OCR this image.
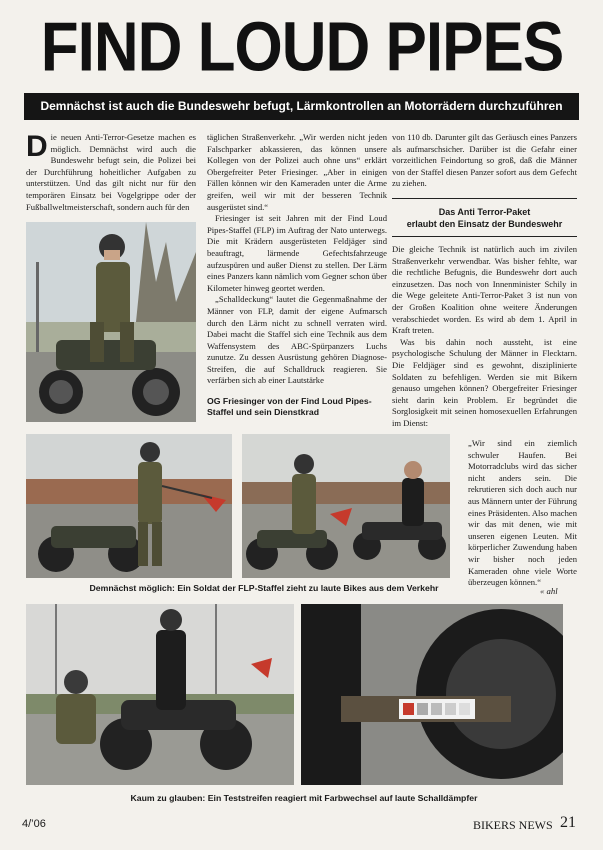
FIND LOUD PIPES
Demnächst ist auch die Bundeswehr befugt, Lärmkontrollen an Motorrädern durchzuführen

Die neuen Anti-Terror-Gesetze machen es möglich. Demnächst wird auch die Bundeswehr befugt sein, die Polizei bei der Durchführung hoheitlicher Aufgaben zu unterstützen. Und das gilt nicht nur für den temporären Einsatz bei Vogelgrippe oder der Fußballweltmeisterschaft, sondern auch für den

OG Friesinger von der Find Loud Pipes-Staffel und sein Dienstkrad

täglichen Straßenverkehr. „Wir werden nicht jeden Falschparker abkassieren, das können unsere Kollegen von der Polizei auch ohne uns“ erklärt Obergefreiter Peter Friesinger. „Aber in einigen Fällen können wir den Kameraden unter die Arme greifen, weil wir mit der besseren Technik ausgerüstet sind.“

Friesinger ist seit Jahren mit der Find Loud Pipes-Staffel (FLP) im Auftrag der Nato unterwegs. Die mit Krädern ausgerüsteten Feldjäger sind beauftragt, lärmende Gefechtsfahrzeuge aufzuspüren und außer Dienst zu stellen. Der Lärm eines Panzers kann nämlich vom Gegner schon über Kilometer hinweg geortet werden.

„Schalldeckung“ lautet die Gegenmaßnahme der Männer von FLP, damit der eigene Aufmarsch durch den Lärm nicht zu schnell verraten wird. Dabei macht die Staffel sich eine Technik aus dem Waffensystem des ABC-Spürpanzers Luchs zunutze. Zu dessen Ausrüstung gehören Diagnose-Streifen, die auf Schalldruck reagieren. Sie verfärben sich ab einer Lautstärke

von 110 db. Darunter gilt das Geräusch eines Panzers als aufmarschsicher. Darüber ist die Gefahr einer vorzeitlichen Feindortung so groß, daß die Männer von der Staffel diesen Panzer sofort aus dem Gefecht zu ziehen.

Das Anti Terror-Paket
erlaubt den Einsatz der Bundeswehr

Die gleiche Technik ist natürlich auch im zivilen Straßenverkehr verwendbar. Was bisher fehlte, war die rechtliche Befugnis, die Bundeswehr dort auch einzusetzen. Das noch von Innenminister Schily in die Wege geleitete Anti-Terror-Paket 3 ist nun von der Großen Koalition ohne weitere Änderungen verabschiedet worden. Es wird ab dem 1. April in Kraft treten.

Was bis dahin noch aussteht, ist eine psychologische Schulung der Männer in Flecktarn. Die Feldjäger sind es gewohnt, disziplinierte Soldaten zu befehligen. Werden sie mit Bikern genauso umgehen können? Obergefreiter Friesinger sieht darin kein Problem. Er begründet die Sorglosigkeit mit seinen homosexuellen Erfahrungen im Dienst:

„Wir sind ein ziemlich schwuler Haufen. Bei Motorradclubs wird das sicher nicht anders sein. Die rekrutieren sich doch auch nur aus Männern unter der Führung eines Präsidenten. Also machen wir das mit denen, wie mit unseren eigenen Leuten. Mit körperlicher Zuwendung haben wir bisher noch jeden Kameraden ohne viele Worte überzeugen können.“

« ahl
Demnächst möglich: Ein Soldat der FLP-Staffel zieht zu laute Bikes aus dem Verkehr
Kaum zu glauben: Ein Teststreifen reagiert mit Farbwechsel auf laute Schalldämpfer
4/’06	BIKERS NEWS 21
